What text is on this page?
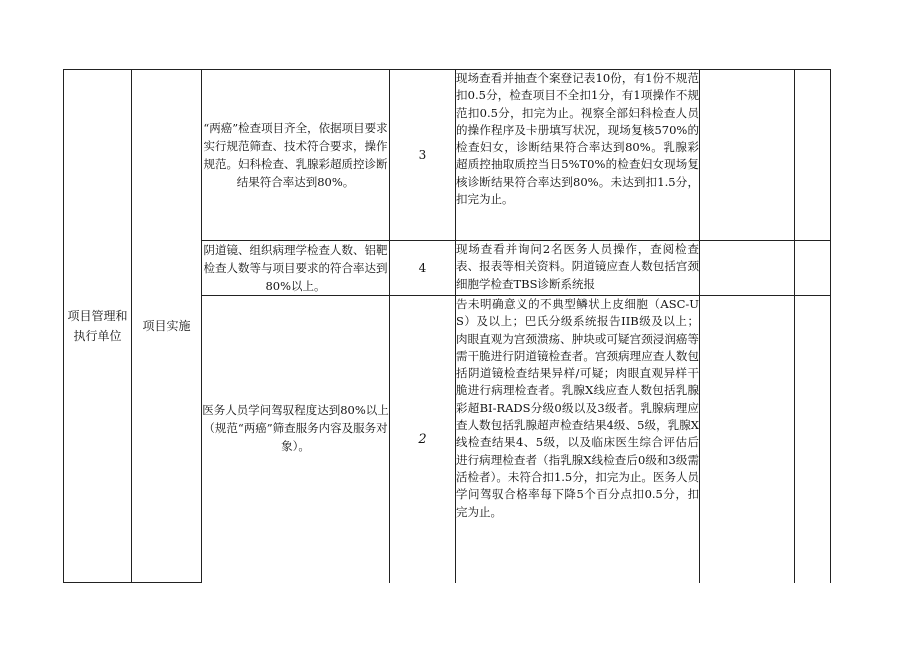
项目管理和执行单位	项目实施	“两癌”检查项目齐全，依据项目要求实行规范筛查、技术符合要求，操作规范。妇科检查、乳腺彩超质控诊断结果符合率达到80%。	3	现场查看并抽查个案登记表10份，有1份不规范扣0.5分，检查项目不全扣1分，有1项操作不规范扣0.5分，扣完为止。视察全部妇科检查人员的操作程序及卡册填写状况，现场复核570%的检查妇女，诊断结果符合率达到80%。乳腺彩超质控抽取质控当日5%T0%的检查妇女现场复核诊断结果符合率达到80%。未达到扣1.5分，扣完为止。		
		阴道镜、组织病理学检查人数、铝靶检查人数等与项目要求的符合率达到80%以上。	4	现场查看并询问2名医务人员操作，查阅检查表、报表等相关资料。阴道镜应查人数包括宫颈细胞学检查TBS诊断系统报		
		医务人员学问驾驭程度达到80%以上（规范“两癌”筛查服务内容及服务对象）。	2	告未明确意义的不典型鳞状上皮细胞（ASC-US）及以上；巴氏分级系统报告IIB级及以上；肉眼直观为宫颈溃疡、肿块或可疑宫颈浸润癌等需干脆进行阴道镜检查者。宫颈病理应查人数包括阴道镜检查结果异样/可疑；肉眼直观异样干脆进行病理检查者。乳腺X线应查人数包括乳腺彩超BI-RADS分级0级以及3级者。乳腺病理应查人数包括乳腺超声检查结果4级、5级，乳腺X线检查结果4、5级，以及临床医生综合评估后进行病理检查者（指乳腺X线检查后0级和3级需活检者）。未符合扣1.5分，扣完为止。医务人员学问驾驭合格率每下降5个百分点扣0.5分，扣完为止。		
